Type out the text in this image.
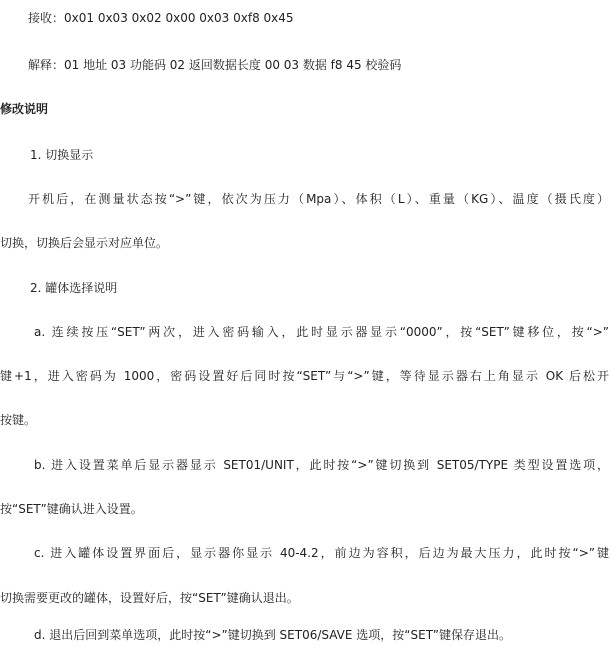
接收：0x01 0x03 0x02 0x00 0x03 0xf8 0x45
解释：01 地址 03 功能码 02 返回数据长度 00 03 数据 f8 45 校验码
修改说明
1. 切换显示
开机后，在测量状态按“>”键，依次为压力（Mpa）、体积（L）、重量（KG）、温度（摄氏度）
切换，切换后会显示对应单位。
2. 罐体选择说明
a. 连续按压“SET”两次，进入密码输入，此时显示器显示“0000”，按“SET”键移位，按“>”
键+1，进入密码为 1000，密码设置好后同时按“SET”与“>”键，等待显示器右上角显示 OK 后松开
按键。
b. 进入设置菜单后显示器显示 SET01/UNIT，此时按“>”键切换到 SET05/TYPE 类型设置选项，
按“SET”键确认进入设置。
c. 进入罐体设置界面后，显示器你显示 40-4.2，前边为容积，后边为最大压力，此时按“>”键
切换需要更改的罐体，设置好后，按“SET”键确认退出。
d. 退出后回到菜单选项，此时按“>”键切换到 SET06/SAVE 选项，按“SET”键保存退出。
